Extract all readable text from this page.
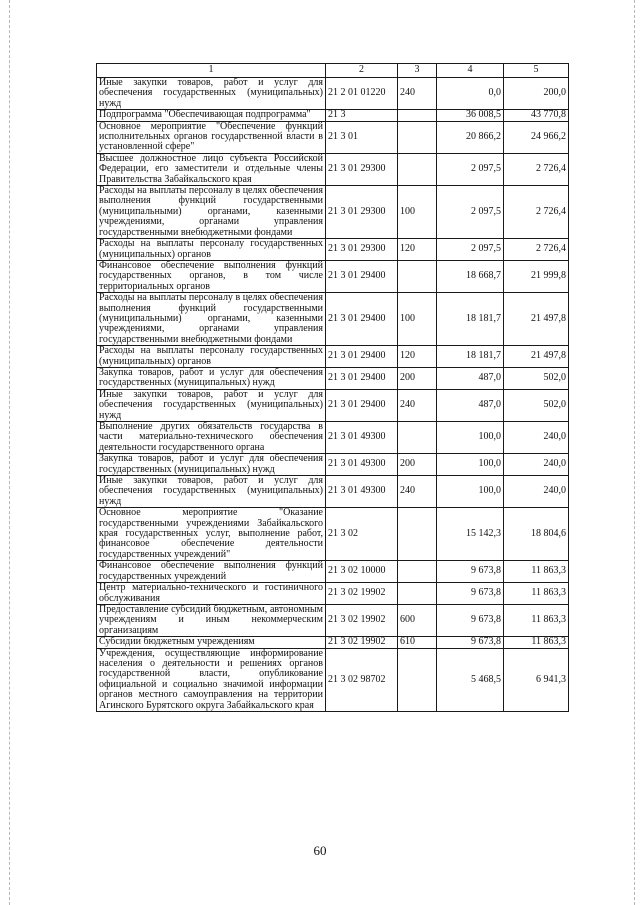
1	2	3	4	5
Иные закупки товаров, работ и услуг для обеспечения государственных (муниципальных) нужд	21 2 01 01220	240	0,0	200,0
Подпрограмма "Обеспечивающая подпрограмма"	21 3		36 008,5	43 770,8
Основное мероприятие "Обеспечение функций исполнительных органов государственной власти в установленной сфере"	21 3 01		20 866,2	24 966,2
Высшее должностное лицо субъекта Российской Федерации, его заместители и отдельные члены Правительства Забайкальского края	21 3 01 29300		2 097,5	2 726,4
Расходы на выплаты персоналу в целях обеспечения выполнения функций государственными (муниципальными) органами, казенными учреждениями, органами управления государственными внебюджетными фондами	21 3 01 29300	100	2 097,5	2 726,4
Расходы на выплаты персоналу государственных (муниципальных) органов	21 3 01 29300	120	2 097,5	2 726,4
Финансовое обеспечение выполнения функций государственных органов, в том числе территориальных органов	21 3 01 29400		18 668,7	21 999,8
Расходы на выплаты персоналу в целях обеспечения выполнения функций государственными (муниципальными) органами, казенными учреждениями, органами управления государственными внебюджетными фондами	21 3 01 29400	100	18 181,7	21 497,8
Расходы на выплаты персоналу государственных (муниципальных) органов	21 3 01 29400	120	18 181,7	21 497,8
Закупка товаров, работ и услуг для обеспечения государственных (муниципальных) нужд	21 3 01 29400	200	487,0	502,0
Иные закупки товаров, работ и услуг для обеспечения государственных (муниципальных) нужд	21 3 01 29400	240	487,0	502,0
Выполнение других обязательств государства в части материально-технического обеспечения деятельности государственного органа	21 3 01 49300		100,0	240,0
Закупка товаров, работ и услуг для обеспечения государственных (муниципальных) нужд	21 3 01 49300	200	100,0	240,0
Иные закупки товаров, работ и услуг для обеспечения государственных (муниципальных) нужд	21 3 01 49300	240	100,0	240,0
Основное мероприятие "Оказание государственными учреждениями Забайкальского края государственных услуг, выполнение работ, финансовое обеспечение деятельности государственных учреждений"	21 3 02		15 142,3	18 804,6
Финансовое обеспечение выполнения функций государственных учреждений	21 3 02 10000		9 673,8	11 863,3
Центр материально-технического и гостиничного обслуживания	21 3 02 19902		9 673,8	11 863,3
Предоставление субсидий бюджетным, автономным учреждениям и иным некоммерческим организациям	21 3 02 19902	600	9 673,8	11 863,3
Субсидии бюджетным учреждениям	21 3 02 19902	610	9 673,8	11 863,3
Учреждения, осуществляющие информирование населения о деятельности и решениях органов государственной власти, опубликование официальной и социально значимой информации органов местного самоуправления на территории Агинского Бурятского округа Забайкальского края	21 3 02 98702		5 468,5	6 941,3
60
